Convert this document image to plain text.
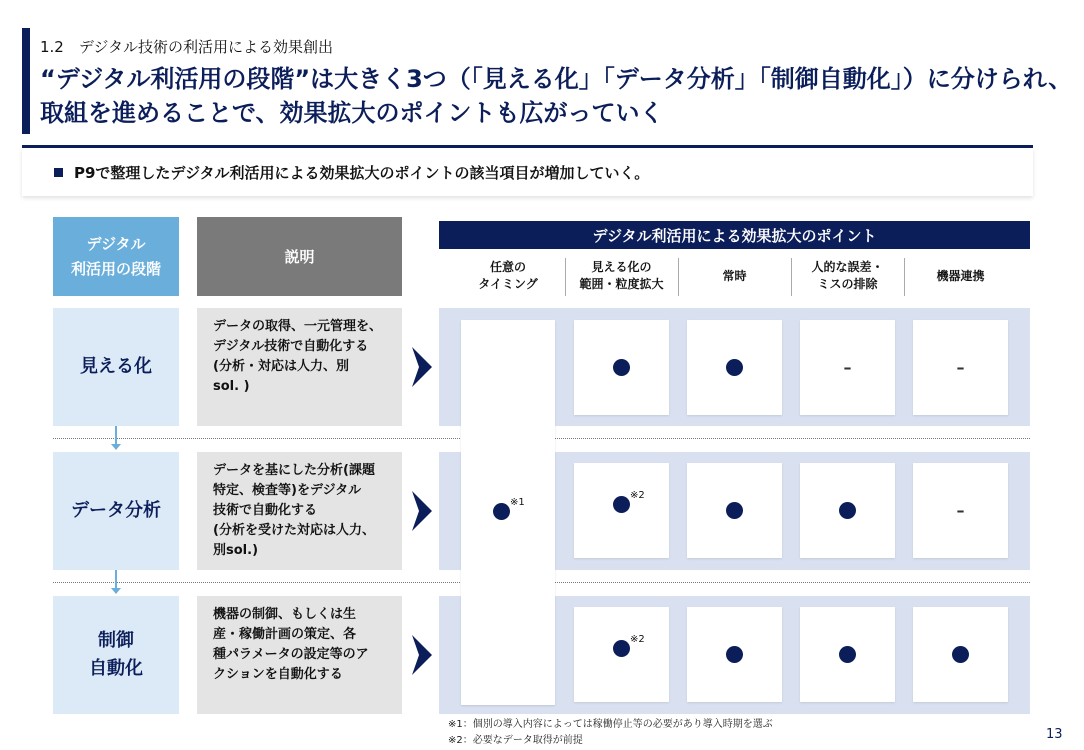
1.2　デジタル技術の利活用による効果創出
“デジタル利活用の段階”は大きく3つ（「見える化」「データ分析」「制御自動化」）に分けられ、
取組を進めることで、効果拡大のポイントも広がっていく
P9で整理したデジタル利活用による効果拡大のポイントの該当項目が増加していく。
デジタル
利活用の段階
説明
デジタル利活用による効果拡大のポイント
任意の
タイミング
見える化の
範囲・粒度拡大
常時
人的な誤差・
ミスの排除
機器連携
見える化
データの取得、一元管理を、
デジタル技術で自動化する
(分析・対応は人力、別
sol. )
データ分析
データを基にした分析(課題
特定、検査等)をデジタル
技術で自動化する
(分析を受けた対応は人力、
別sol.)
制御
自動化
機器の制御、もしくは生
産・稼働計画の策定、各
種パラメータの設定等のア
クションを自動化する
※1
–	–
※2
–
※2
※1：個別の導入内容によっては稼働停止等の必要があり導入時期を選ぶ
※2：必要なデータ取得が前提	13
